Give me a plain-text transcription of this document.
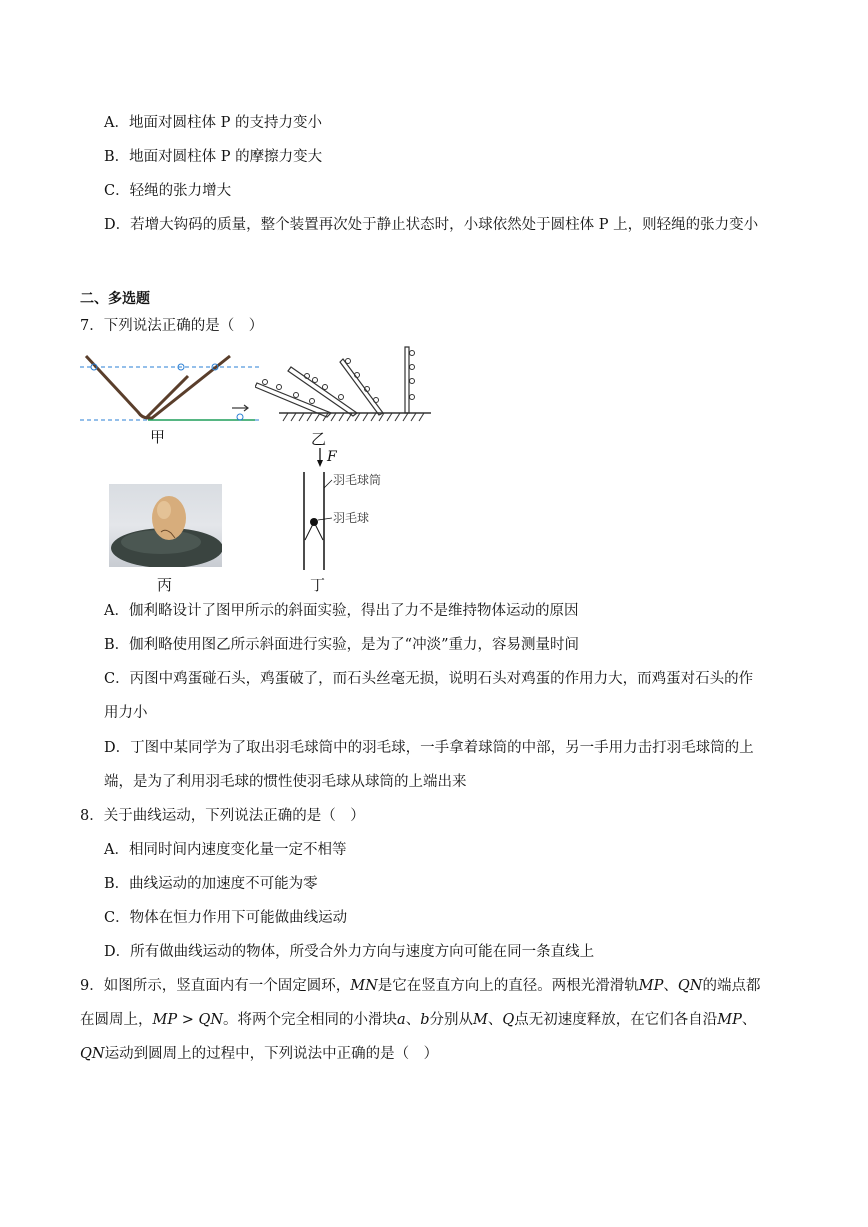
A．地面对圆柱体 P 的支持力变小
B．地面对圆柱体 P 的摩擦力变大
C．轻绳的张力增大
D．若增大钩码的质量，整个装置再次处于静止状态时，小球依然处于圆柱体 P 上，则轻绳的张力变小
二、多选题
7．下列说法正确的是（　）
甲	乙
丙
F
羽毛球筒
羽毛球
丁
A．伽利略设计了图甲所示的斜面实验，得出了力不是维持物体运动的原因
B．伽利略使用图乙所示斜面进行实验，是为了“冲淡”重力，容易测量时间
C．丙图中鸡蛋碰石头，鸡蛋破了，而石头丝毫无损，说明石头对鸡蛋的作用力大，而鸡蛋对石头的作
用力小
D．丁图中某同学为了取出羽毛球筒中的羽毛球，一手拿着球筒的中部，另一手用力击打羽毛球筒的上
端，是为了利用羽毛球的惯性使羽毛球从球筒的上端出来
8．关于曲线运动，下列说法正确的是（　）
A．相同时间内速度变化量一定不相等
B．曲线运动的加速度不可能为零
C．物体在恒力作用下可能做曲线运动
D．所有做曲线运动的物体，所受合外力方向与速度方向可能在同一条直线上
9．如图所示，竖直面内有一个固定圆环，MN是它在竖直方向上的直径。两根光滑滑轨MP、QN的端点都
在圆周上，MP > QN。将两个完全相同的小滑块a、b分别从M、Q点无初速度释放，在它们各自沿MP、
QN运动到圆周上的过程中，下列说法中正确的是（　）
